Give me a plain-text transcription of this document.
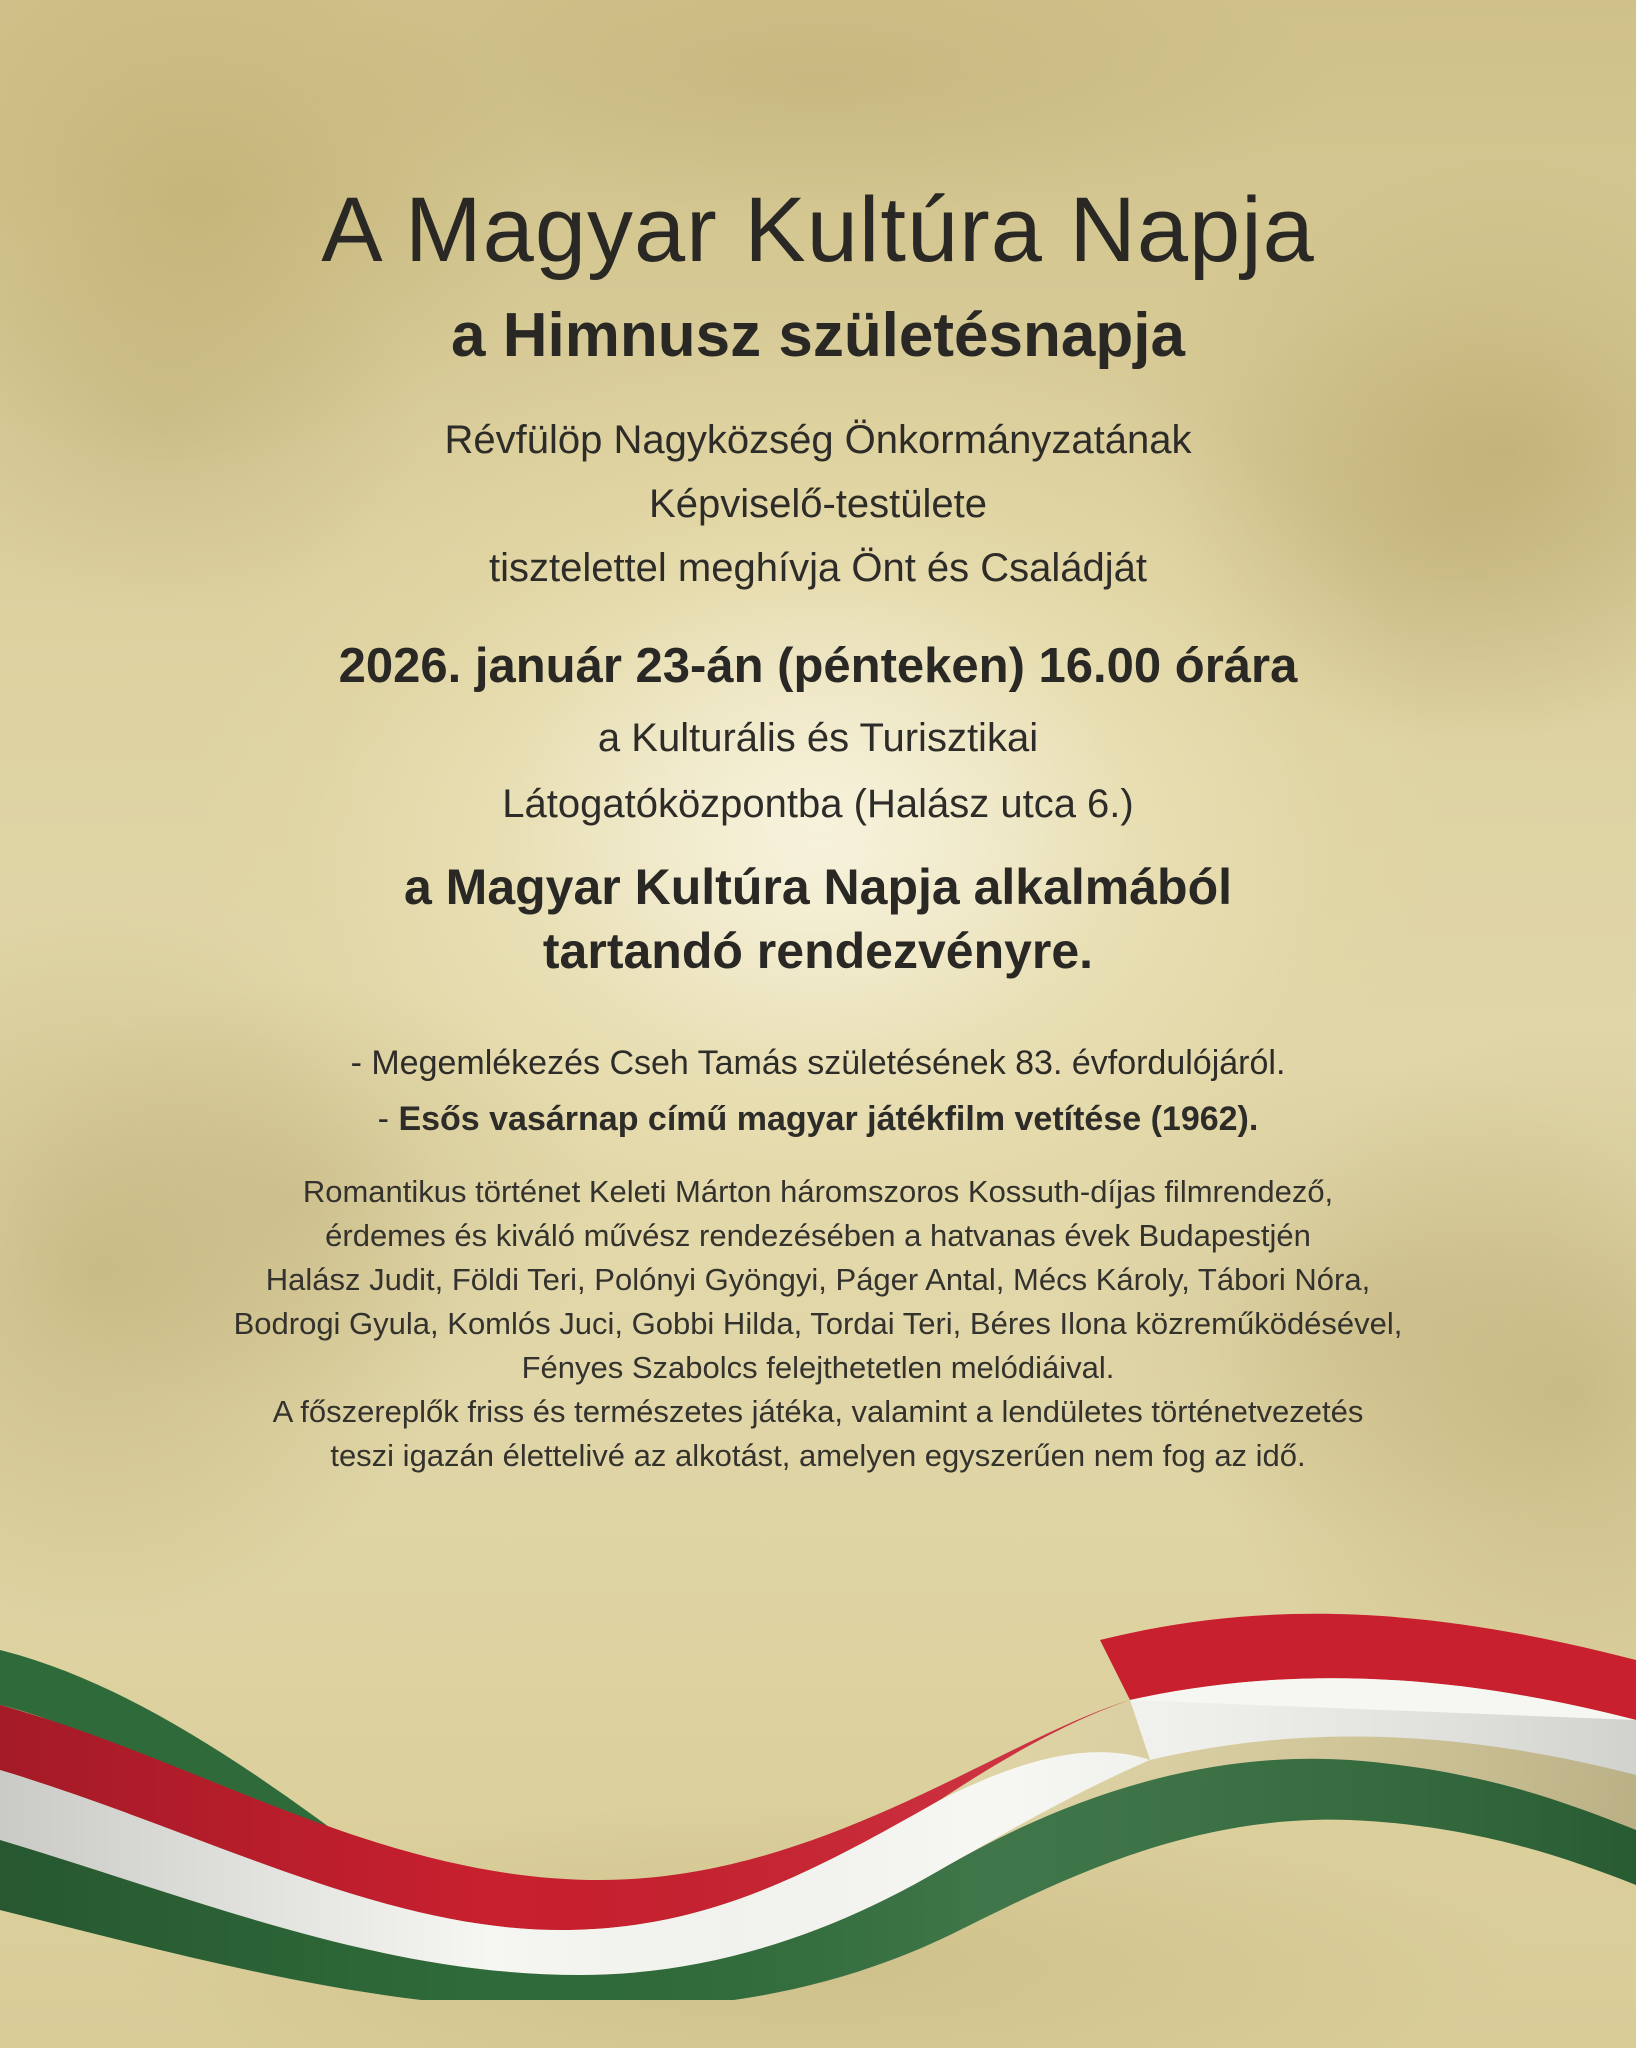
A Magyar Kultúra Napja
a Himnusz születésnapja
Révfülöp Nagyközség Önkormányzatának
Képviselő-testülete
tisztelettel meghívja Önt és Családját
2026. január 23-án (pénteken) 16.00 órára
a Kulturális és Turisztikai
Látogatóközpontba (Halász utca 6.)
a Magyar Kultúra Napja alkalmából
tartandó rendezvényre.
- Megemlékezés Cseh Tamás születésének 83. évfordulójáról.
- Esős vasárnap című magyar játékfilm vetítése (1962).
Romantikus történet Keleti Márton háromszoros Kossuth-díjas filmrendező,
érdemes és kiváló művész rendezésében a hatvanas évek Budapestjén
Halász Judit, Földi Teri, Polónyi Gyöngyi, Páger Antal, Mécs Károly, Tábori Nóra,
Bodrogi Gyula, Komlós Juci, Gobbi Hilda, Tordai Teri, Béres Ilona közreműködésével,
Fényes Szabolcs felejthetetlen melódiáival.
A főszereplők friss és természetes játéka, valamint a lendületes történetvezetés
teszi igazán élettelivé az alkotást, amelyen egyszerűen nem fog az idő.
